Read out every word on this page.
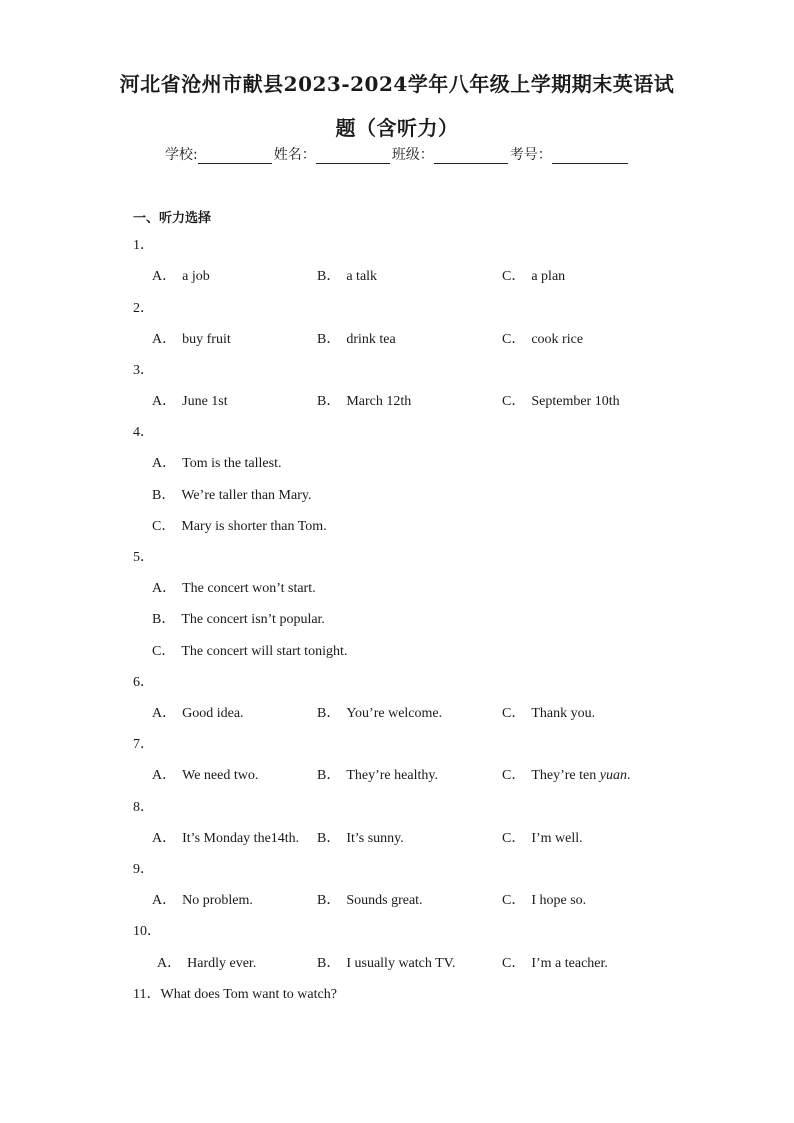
河北省沧州市献县2023-2024学年八年级上学期期末英语试
题（含听力）
学校:	姓名：	班级：	考号：
一、听力选择
1．
A． a job	B． a talk	C． a plan
2．
A． buy fruit	B． drink tea	C． cook rice
3．
A． June 1st	B． March 12th	C． September 10th
4．
A． Tom is the tallest.
B． We’re taller than Mary.
C． Mary is shorter than Tom.
5．
A． The concert won’t start.
B． The concert isn’t popular.
C． The concert will start tonight.
6．
A． Good idea.	B． You’re welcome.	C． Thank you.
7．
A． We need two.	B． They’re healthy.	C． They’re ten yuan.
8．
A． It’s Monday the14th. B． It’s sunny.	C． I’m well.
9．
A． No problem.	B． Sounds great.	C． I hope so.
10．
A． Hardly ever.	B． I usually watch TV.	C． I’m a teacher.
11．What does Tom want to watch?
